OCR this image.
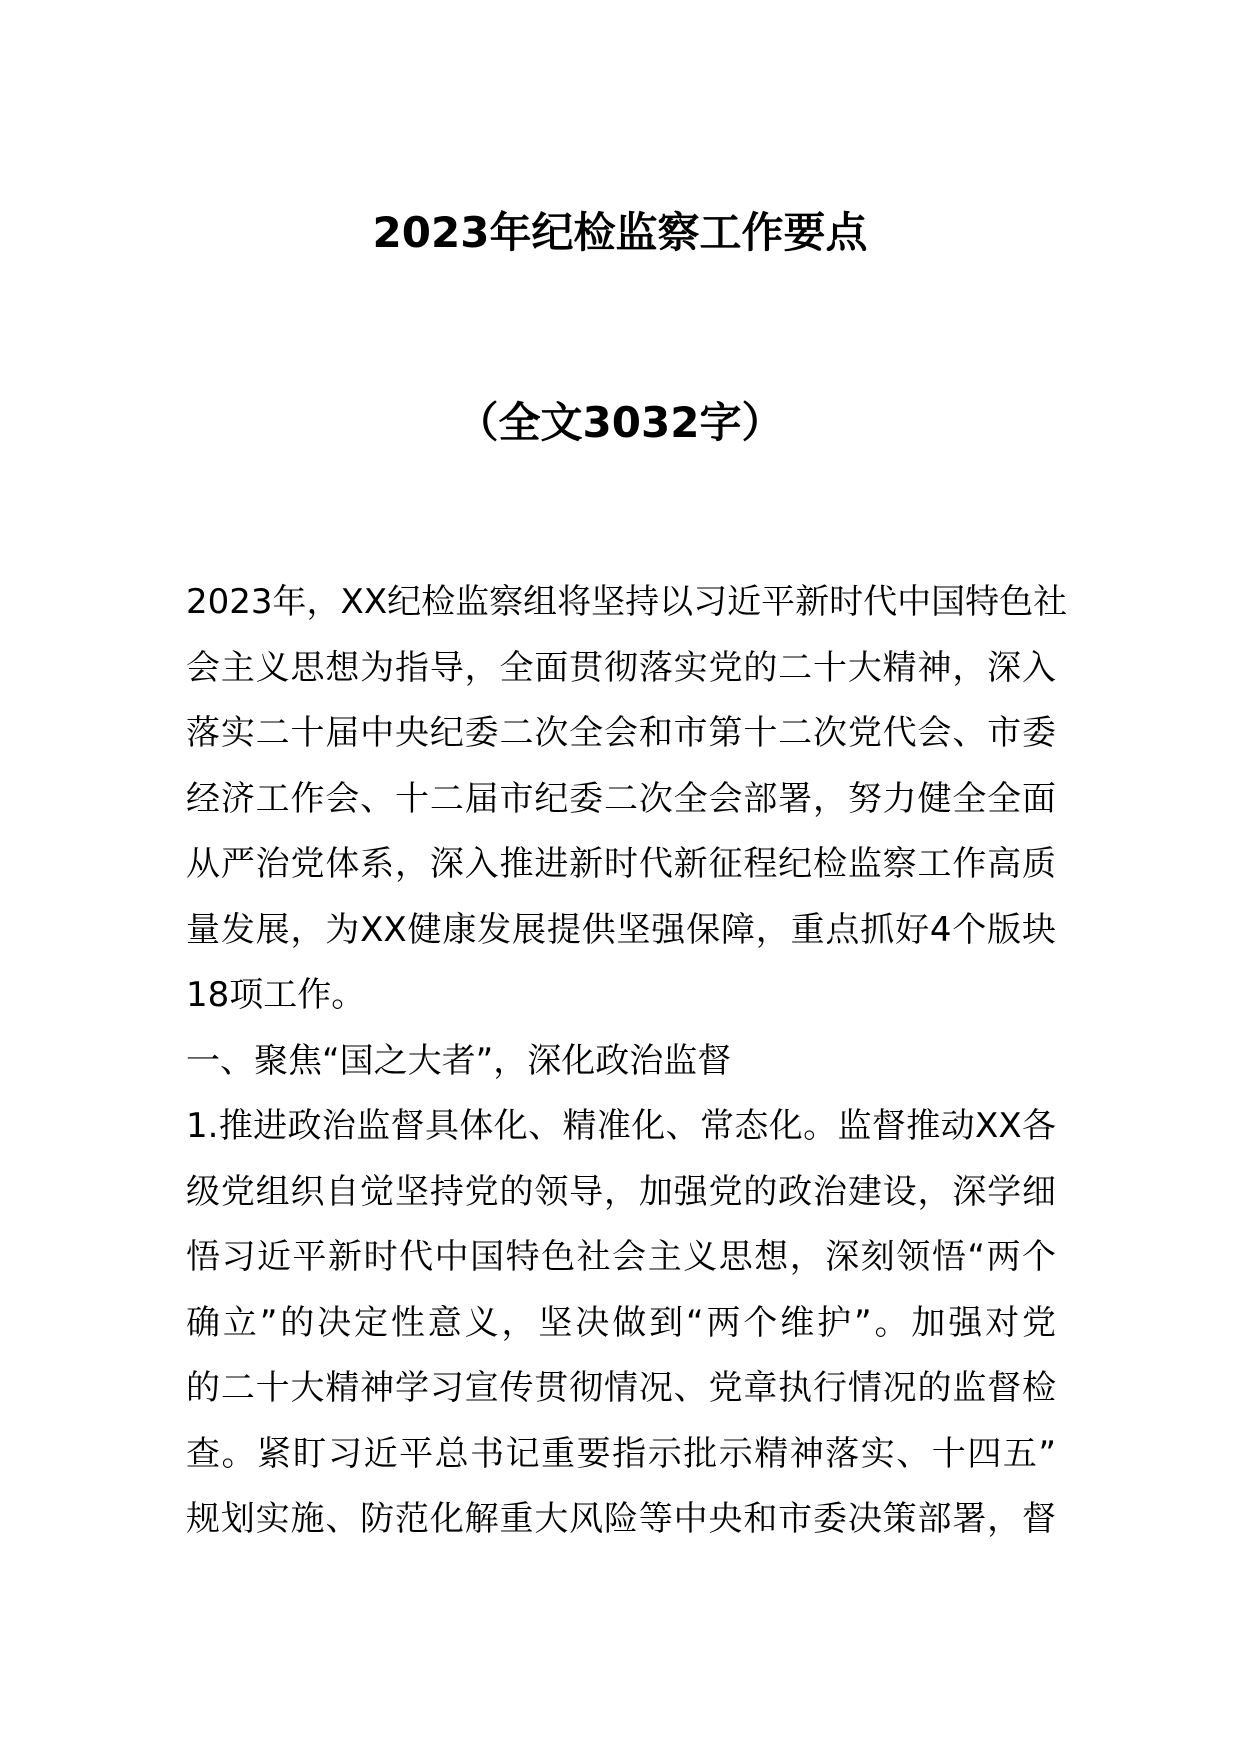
2023年纪检监察工作要点
（全文3032字）

2023年，XX纪检监察组将坚持以习近平新时代中国特色社

会主义思想为指导，全面贯彻落实党的二十大精神，深入

落实二十届中央纪委二次全会和市第十二次党代会、市委

经济工作会、十二届市纪委二次全会部署，努力健全全面

从严治党体系，深入推进新时代新征程纪检监察工作高质

量发展，为XX健康发展提供坚强保障，重点抓好4个版块

18项工作。

一、聚焦“国之大者”，深化政治监督

1.推进政治监督具体化、精准化、常态化。监督推动XX各

级党组织自觉坚持党的领导，加强党的政治建设，深学细

悟习近平新时代中国特色社会主义思想，深刻领悟“两个

确立”的决定性意义，坚决做到“两个维护”。加强对党

的二十大精神学习宣传贯彻情况、党章执行情况的监督检

查。紧盯习近平总书记重要指示批示精神落实、十四五”

规划实施、防范化解重大风险等中央和市委决策部署，督
